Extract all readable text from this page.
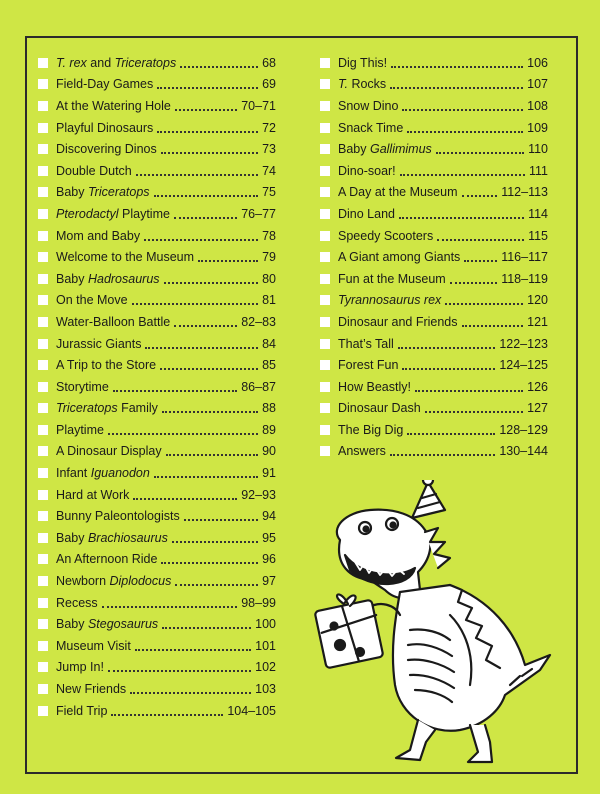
T. rex and Triceratops	68
Field-Day Games	69
At the Watering Hole	70–71
Playful Dinosaurs	72
Discovering Dinos	73
Double Dutch	74
Baby Triceratops	75
Pterodactyl Playtime	76–77
Mom and Baby	78
Welcome to the Museum	79
Baby Hadrosaurus	80
On the Move	81
Water-Balloon Battle	82–83
Jurassic Giants	84
A Trip to the Store	85
Storytime	86–87
Triceratops Family	88
Playtime	89
A Dinosaur Display	90
Infant Iguanodon	91
Hard at Work	92–93
Bunny Paleontologists	94
Baby Brachiosaurus	95
An Afternoon Ride	96
Newborn Diplodocus	97
Recess	98–99
Baby Stegosaurus	100
Museum Visit	101
Jump In!	102
New Friends	103
Field Trip	104–105
Dig This!	106
T. Rocks	107
Snow Dino	108
Snack Time	109
Baby Gallimimus	110
Dino-soar!	111
A Day at the Museum	112–113
Dino Land	114
Speedy Scooters	115
A Giant among Giants	116–117
Fun at the Museum	118–119
Tyrannosaurus rex	120
Dinosaur and Friends	121
That’s Tall	122–123
Forest Fun	124–125
How Beastly!	126
Dinosaur Dash	127
The Big Dig	128–129
Answers	130–144
